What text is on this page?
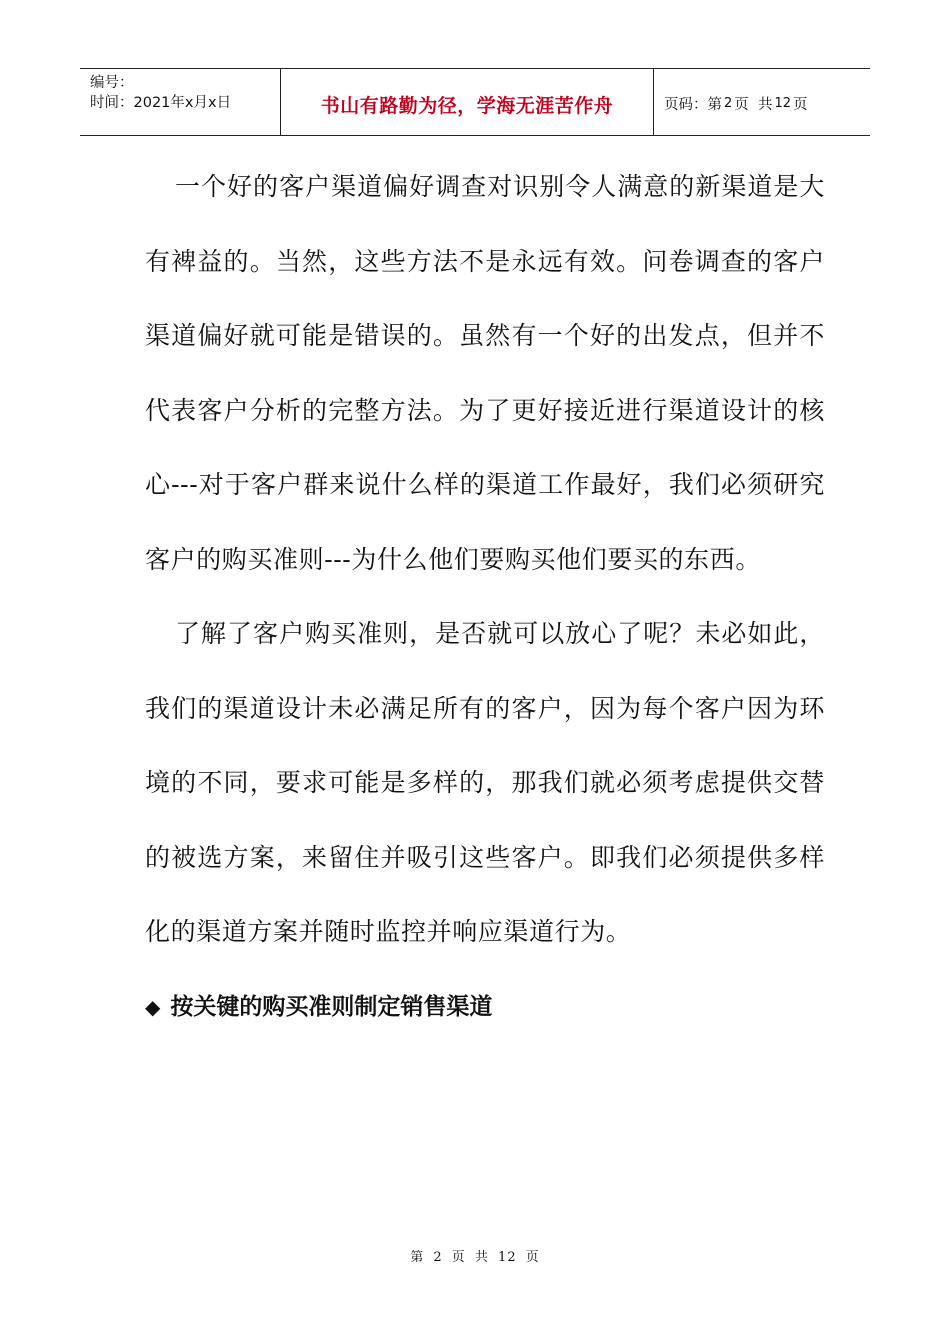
编号：
时间：2021年x月x日	书山有路勤为径，学海无涯苦作舟	页码：第 2 页  共 12 页

一个好的客户渠道偏好调查对识别令人满意的新渠道是大有裨益的。当然，这些方法不是永远有效。问卷调查的客户渠道偏好就可能是错误的。虽然有一个好的出发点，但并不代表客户分析的完整方法。为了更好接近进行渠道设计的核心---对于客户群来说什么样的渠道工作最好，我们必须研究客户的购买准则---为什么他们要购买他们要买的东西。

了解了客户购买准则，是否就可以放心了呢？未必如此，我们的渠道设计未必满足所有的客户，因为每个客户因为环境的不同，要求可能是多样的，那我们就必须考虑提供交替的被选方案，来留住并吸引这些客户。即我们必须提供多样化的渠道方案并随时监控并响应渠道行为。

◆ 按关键的购买准则制定销售渠道

第 2 页 共 12 页
